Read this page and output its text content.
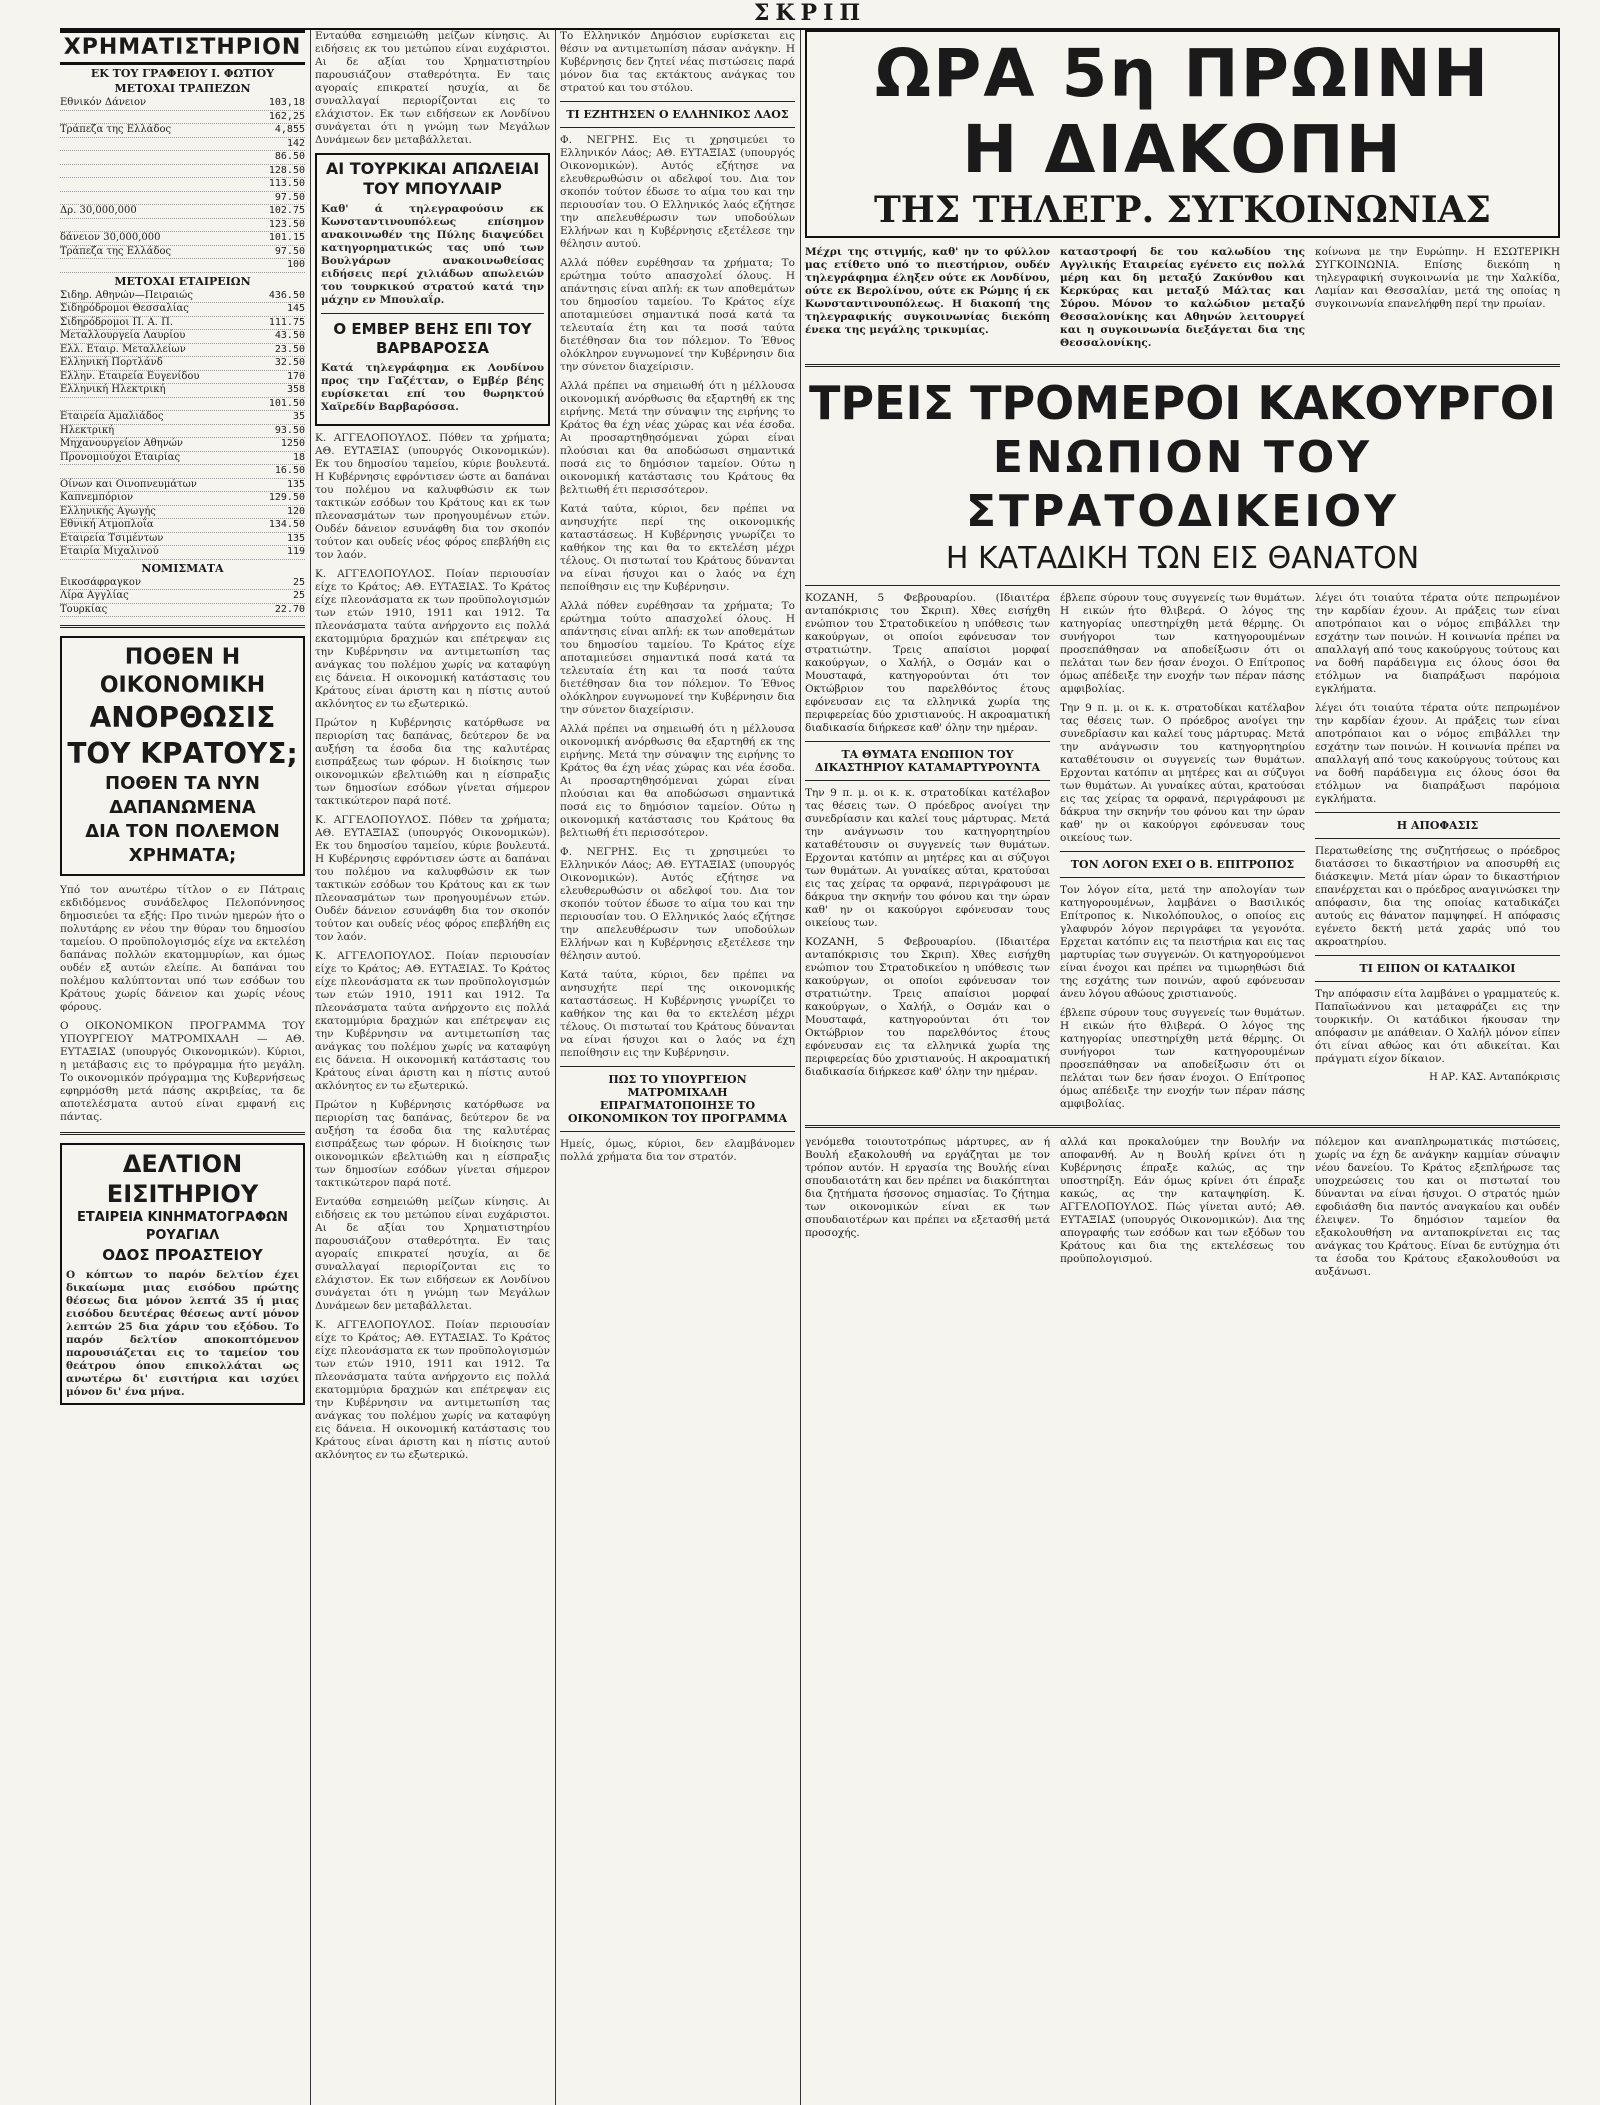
ΣΚΡΙΠ
ΧΡΗΜΑΤΙΣΤΗΡΙΟΝ
ΕΚ ΤΟΥ ΓΡΑΦΕΙΟΥ Ι. ΦΩΤΙΟΥ
ΜΕΤΟΧΑΙ ΤΡΑΠΕΖΩΝ
Εθνικόν Δάνειον	103,18
162,25
Τράπεζα της Ελλάδος	4,855
142
86.50
128.50
113.50
97.50
Δρ. 30,000,000	102.75
123.50
δάνειον 30,000,000	101.15
Τράπεζα της Ελλάδος	97.50
100
ΜΕΤΟΧΑΙ ΕΤΑΙΡΕΙΩΝ
Σιδηρ. Αθηνών—Πειραιώς	436.50
Σιδηρόδρομοι Θεσσαλίας	145
Σιδηρόδρομοι Π. Α. Π.	111.75
Μεταλλουργεία Λαυρίου	43.50
Ελλ. Εταιρ. Μεταλλείων	23.50
Ελληνική Πορτλάνδ	32.50
Ελλην. Εταιρεία Ευγενίδου	170
Ελληνική Ηλεκτρική	358
101.50
Εταιρεία Αμαλιάδος	35
Ηλεκτρική	93.50
Μηχανουργείον Αθηνών	1250
Προνομιούχοι Εταιρίας	18
16.50
Οίνων και Οινοπνευμάτων	135
Καπνεμπόριον	129.50
Ελληνικής Αγωγής	120
Εθνική Ατμοπλοΐα	134.50
Εταιρεία Τσιμέντων	135
Εταιρία Μιχαλινού	119
ΝΟΜΙΣΜΑΤΑ
Εικοσάφραγκον	25
Λίρα Αγγλίας	25
Τουρκίας	22.70
ΠΟΘΕΝ Η ΟΙΚΟΝΟΜΙΚΗ
ΑΝΟΡΘΩΣΙΣ ΤΟΥ ΚΡΑΤΟΥΣ;
ΠΟΘΕΝ ΤΑ ΝΥΝ ΔΑΠΑΝΩΜΕΝΑ
ΔΙΑ ΤΟΝ ΠΟΛΕΜΟΝ ΧΡΗΜΑΤΑ;

Υπό τον ανωτέρω τίτλον ο εν Πάτραις εκδιδόμενος συνάδελφος Πελοπόννησος δημοσιεύει τα εξής: Προ τινών ημερών ήτο ο πολυτάρης εν νέου την θύραν του δημοσίου ταμείου. Ο προϋπολογισμός είχε να εκτελέση δαπάνας πολλών εκατομμυρίων, και όμως ουδέν εξ αυτών ελείπε. Αι δαπάναι του πολέμου καλύπτονται υπό των εσόδων του Κράτους χωρίς δάνειον και χωρίς νέους φόρους.

Ο ΟΙΚΟΝΟΜΙΚΟΝ ΠΡΟΓΡΑΜΜΑ ΤΟΥ ΥΠΟΥΡΓΕΙΟΥ ΜΑΤΡΟΜΙΧΑΛΗ — ΑΘ. ΕΥΤΑΞΙΑΣ (υπουργός Οικονομικών). Κύριοι, η μετάβασις εις το πρόγραμμα ήτο μεγάλη. Το οικονομικόν πρόγραμμα της Κυβερνήσεως εφηρμόσθη μετά πάσης ακριβείας, τα δε αποτελέσματα αυτού είναι εμφανή εις πάντας.

ΔΕΛΤΙΟΝ ΕΙΣΙΤΗΡΙΟΥ
ΕΤΑΙΡΕΙΑ ΚΙΝΗΜΑΤΟΓΡΑΦΩΝ ΡΟΥΑΓΙΑΛ
ΟΔΟΣ ΠΡΟΑΣΤΕΙΟΥ

Ο κόπτων το παρόν δελτίον έχει δικαίωμα μιας εισόδου πρώτης θέσεως δια μόνον λεπτά 35 ή μιας εισόδου δευτέρας θέσεως αντί μόνον λεπτών 25 δια χάριν του εξόδου. Το παρόν δελτίον αποκοπτόμενον παρουσιάζεται εις το ταμείον του θεάτρου όπου επικολλάται ως ανωτέρω δι' εισιτήρια και ισχύει μόνον δι' ένα μήνα.

Ενταύθα εσημειώθη μείζων κίνησις. Αι ειδήσεις εκ του μετώπου είναι ευχάριστοι. Αι δε αξίαι του Χρηματιστηρίου παρουσιάζουν σταθερότητα. Εν ταις αγοραίς επικρατεί ησυχία, αι δε συναλλαγαί περιορίζονται εις το ελάχιστον. Εκ των ειδήσεων εκ Λονδίνου συνάγεται ότι η γνώμη των Μεγάλων Δυνάμεων δεν μεταβάλλεται.

ΑΙ ΤΟΥΡΚΙΚΑΙ ΑΠΩΛΕΙΑΙ ΤΟΥ ΜΠΟΥΛΑΙΡ

Καθ' ά τηλεγραφούσιν εκ Κωνσταντινουπόλεως επίσημον ανακοινωθέν της Πύλης διαψεύδει κατηγορηματικώς τας υπό των Βουλγάρων ανακοινωθείσας ειδήσεις περί χιλιάδων απωλειών του τουρκικού στρατού κατά την μάχην εν Μπουλαΐρ.

Ο ΕΜΒΕΡ ΒΕΗΣ ΕΠΙ ΤΟΥ ΒΑΡΒΑΡΟΣΣΑ

Κατά τηλεγράφημα εκ Λονδίνου προς την Γαζέτταν, ο Εμβέρ βέης ευρίσκεται επί του θωρηκτού Χαϊρεδίν Βαρβαρόσσα.

Κ. ΑΓΓΕΛΟΠΟΥΛΟΣ. Πόθεν τα χρήματα; ΑΘ. ΕΥΤΑΞΙΑΣ (υπουργός Οικονομικών). Εκ του δημοσίου ταμείου, κύριε βουλευτά. Η Κυβέρνησις εφρόντισεν ώστε αι δαπάναι του πολέμου να καλυφθώσιν εκ των τακτικών εσόδων του Κράτους και εκ των πλεονασμάτων των προηγουμένων ετών. Ουδέν δάνειον εσυνάφθη δια τον σκοπόν τούτον και ουδείς νέος φόρος επεβλήθη εις τον λαόν.

Κ. ΑΓΓΕΛΟΠΟΥΛΟΣ. Ποίαν περιουσίαν είχε το Κράτος; ΑΘ. ΕΥΤΑΞΙΑΣ. Το Κράτος είχε πλεονάσματα εκ των προϋπολογισμών των ετών 1910, 1911 και 1912. Τα πλεονάσματα ταύτα ανήρχοντο εις πολλά εκατομμύρια δραχμών και επέτρεψαν εις την Κυβέρνησιν να αντιμετωπίση τας ανάγκας του πολέμου χωρίς να καταφύγη εις δάνεια. Η οικονομική κατάστασις του Κράτους είναι άριστη και η πίστις αυτού ακλόνητος εν τω εξωτερικώ.

Πρώτον η Κυβέρνησις κατόρθωσε να περιορίση τας δαπάνας, δεύτερον δε να αυξήση τα έσοδα δια της καλυτέρας εισπράξεως των φόρων. Η διοίκησις των οικονομικών εβελτιώθη και η είσπραξις των δημοσίων εσόδων γίνεται σήμερον τακτικώτερον παρά ποτέ.

Κ. ΑΓΓΕΛΟΠΟΥΛΟΣ. Πόθεν τα χρήματα; ΑΘ. ΕΥΤΑΞΙΑΣ (υπουργός Οικονομικών). Εκ του δημοσίου ταμείου, κύριε βουλευτά. Η Κυβέρνησις εφρόντισεν ώστε αι δαπάναι του πολέμου να καλυφθώσιν εκ των τακτικών εσόδων του Κράτους και εκ των πλεονασμάτων των προηγουμένων ετών. Ουδέν δάνειον εσυνάφθη δια τον σκοπόν τούτον και ουδείς νέος φόρος επεβλήθη εις τον λαόν.

Κ. ΑΓΓΕΛΟΠΟΥΛΟΣ. Ποίαν περιουσίαν είχε το Κράτος; ΑΘ. ΕΥΤΑΞΙΑΣ. Το Κράτος είχε πλεονάσματα εκ των προϋπολογισμών των ετών 1910, 1911 και 1912. Τα πλεονάσματα ταύτα ανήρχοντο εις πολλά εκατομμύρια δραχμών και επέτρεψαν εις την Κυβέρνησιν να αντιμετωπίση τας ανάγκας του πολέμου χωρίς να καταφύγη εις δάνεια. Η οικονομική κατάστασις του Κράτους είναι άριστη και η πίστις αυτού ακλόνητος εν τω εξωτερικώ.

Πρώτον η Κυβέρνησις κατόρθωσε να περιορίση τας δαπάνας, δεύτερον δε να αυξήση τα έσοδα δια της καλυτέρας εισπράξεως των φόρων. Η διοίκησις των οικονομικών εβελτιώθη και η είσπραξις των δημοσίων εσόδων γίνεται σήμερον τακτικώτερον παρά ποτέ.

Ενταύθα εσημειώθη μείζων κίνησις. Αι ειδήσεις εκ του μετώπου είναι ευχάριστοι. Αι δε αξίαι του Χρηματιστηρίου παρουσιάζουν σταθερότητα. Εν ταις αγοραίς επικρατεί ησυχία, αι δε συναλλαγαί περιορίζονται εις το ελάχιστον. Εκ των ειδήσεων εκ Λονδίνου συνάγεται ότι η γνώμη των Μεγάλων Δυνάμεων δεν μεταβάλλεται.

Κ. ΑΓΓΕΛΟΠΟΥΛΟΣ. Ποίαν περιουσίαν είχε το Κράτος; ΑΘ. ΕΥΤΑΞΙΑΣ. Το Κράτος είχε πλεονάσματα εκ των προϋπολογισμών των ετών 1910, 1911 και 1912. Τα πλεονάσματα ταύτα ανήρχοντο εις πολλά εκατομμύρια δραχμών και επέτρεψαν εις την Κυβέρνησιν να αντιμετωπίση τας ανάγκας του πολέμου χωρίς να καταφύγη εις δάνεια. Η οικονομική κατάστασις του Κράτους είναι άριστη και η πίστις αυτού ακλόνητος εν τω εξωτερικώ.

Το Ελληνικόν Δημόσιον ευρίσκεται εις θέσιν να αντιμετωπίση πάσαν ανάγκην. Η Κυβέρνησις δεν ζητεί νέας πιστώσεις παρά μόνον δια τας εκτάκτους ανάγκας του στρατού και του στόλου.

ΤΙ ΕΖΗΤΗΣΕΝ Ο ΕΛΛΗΝΙΚΟΣ ΛΑΟΣ

Φ. ΝΕΓΡΗΣ. Εις τι χρησιμεύει το Ελληνικόν Λάος; ΑΘ. ΕΥΤΑΞΙΑΣ (υπουργός Οικονομικών). Αυτός εζήτησε να ελευθερωθώσιν οι αδελφοί του. Δια τον σκοπόν τούτον έδωσε το αίμα του και την περιουσίαν του. Ο Ελληνικός λαός εζήτησε την απελευθέρωσιν των υποδούλων Ελλήνων και η Κυβέρνησις εξετέλεσε την θέλησιν αυτού.

Αλλά πόθεν ευρέθησαν τα χρήματα; Το ερώτημα τούτο απασχολεί όλους. Η απάντησις είναι απλή: εκ των αποθεμάτων του δημοσίου ταμείου. Το Κράτος είχε αποταμιεύσει σημαντικά ποσά κατά τα τελευταία έτη και τα ποσά ταύτα διετέθησαν δια τον πόλεμον. Το Έθνος ολόκληρον ευγνωμονεί την Κυβέρνησιν δια την σύνετον διαχείρισιν.

Αλλά πρέπει να σημειωθή ότι η μέλλουσα οικονομική ανόρθωσις θα εξαρτηθή εκ της ειρήνης. Μετά την σύναψιν της ειρήνης το Κράτος θα έχη νέας χώρας και νέα έσοδα. Αι προσαρτηθησόμεναι χώραι είναι πλούσιαι και θα αποδώσωσι σημαντικά ποσά εις το δημόσιον ταμείον. Ούτω η οικονομική κατάστασις του Κράτους θα βελτιωθή έτι περισσότερον.

Κατά ταύτα, κύριοι, δεν πρέπει να ανησυχήτε περί της οικονομικής καταστάσεως. Η Κυβέρνησις γνωρίζει το καθήκον της και θα το εκτελέση μέχρι τέλους. Οι πιστωταί του Κράτους δύνανται να είναι ήσυχοι και ο λαός να έχη πεποίθησιν εις την Κυβέρνησιν.

Αλλά πόθεν ευρέθησαν τα χρήματα; Το ερώτημα τούτο απασχολεί όλους. Η απάντησις είναι απλή: εκ των αποθεμάτων του δημοσίου ταμείου. Το Κράτος είχε αποταμιεύσει σημαντικά ποσά κατά τα τελευταία έτη και τα ποσά ταύτα διετέθησαν δια τον πόλεμον. Το Έθνος ολόκληρον ευγνωμονεί την Κυβέρνησιν δια την σύνετον διαχείρισιν.

Αλλά πρέπει να σημειωθή ότι η μέλλουσα οικονομική ανόρθωσις θα εξαρτηθή εκ της ειρήνης. Μετά την σύναψιν της ειρήνης το Κράτος θα έχη νέας χώρας και νέα έσοδα. Αι προσαρτηθησόμεναι χώραι είναι πλούσιαι και θα αποδώσωσι σημαντικά ποσά εις το δημόσιον ταμείον. Ούτω η οικονομική κατάστασις του Κράτους θα βελτιωθή έτι περισσότερον.

Φ. ΝΕΓΡΗΣ. Εις τι χρησιμεύει το Ελληνικόν Λάος; ΑΘ. ΕΥΤΑΞΙΑΣ (υπουργός Οικονομικών). Αυτός εζήτησε να ελευθερωθώσιν οι αδελφοί του. Δια τον σκοπόν τούτον έδωσε το αίμα του και την περιουσίαν του. Ο Ελληνικός λαός εζήτησε την απελευθέρωσιν των υποδούλων Ελλήνων και η Κυβέρνησις εξετέλεσε την θέλησιν αυτού.

Κατά ταύτα, κύριοι, δεν πρέπει να ανησυχήτε περί της οικονομικής καταστάσεως. Η Κυβέρνησις γνωρίζει το καθήκον της και θα το εκτελέση μέχρι τέλους. Οι πιστωταί του Κράτους δύνανται να είναι ήσυχοι και ο λαός να έχη πεποίθησιν εις την Κυβέρνησιν.

ΠΩΣ ΤΟ ΥΠΟΥΡΓΕΙΟΝ ΜΑΤΡΟΜΙΧΑΛΗ ΕΠΡΑΓΜΑΤΟΠΟΙΗΣΕ ΤΟ ΟΙΚΟΝΟΜΙΚΟΝ ΤΟΥ ΠΡΟΓΡΑΜΜΑ

Ημείς, όμως, κύριοι, δεν ελαμβάνομεν πολλά χρήματα δια τον στρατόν.

ΩΡΑ 5η ΠΡΩΙΝΗ
Η ΔΙΑΚΟΠΗ
ΤΗΣ ΤΗΛΕΓΡ. ΣΥΓΚΟΙΝΩΝΙΑΣ
Μέχρι της στιγμής, καθ' ην το φύλλον μας ετίθετο υπό το πιεστήριον, ουδέν τηλεγράφημα έληξεν ούτε εκ Λονδίνου, ούτε εκ Βερολίνου, ούτε εκ Ρώμης ή εκ Κωνσταντινουπόλεως. Η διακοπή της τηλεγραφικής συγκοινωνίας διεκόπη ένεκα της μεγάλης τρικυμίας.
καταστροφή δε του καλωδίου της Αγγλικής Εταιρείας εγένετο εις πολλά μέρη και δη μεταξύ Ζακύνθου και Κερκύρας και μεταξύ Μάλτας και Σύρου. Μόνον το καλώδιον μεταξύ Θεσσαλονίκης και Αθηνών λειτουργεί και η συγκοινωνία διεξάγεται δια της Θεσσαλονίκης.
κοίνωνα με την Ευρώπην. Η ΕΣΩΤΕΡΙΚΗ ΣΥΓΚΟΙΝΩΝΙΑ. Επίσης διεκόπη η τηλεγραφική συγκοινωνία με την Χαλκίδα, Λαμίαν και Θεσσαλίαν, μετά της οποίας η συγκοινωνία επανελήφθη περί την πρωίαν.
ΤΡΕΙΣ ΤΡΟΜΕΡΟΙ ΚΑΚΟΥΡΓΟΙ
ΕΝΩΠΙΟΝ ΤΟΥ ΣΤΡΑΤΟΔΙΚΕΙΟΥ
Η ΚΑΤΑΔΙΚΗ ΤΩΝ ΕΙΣ ΘΑΝΑΤΟΝ

ΚΟΖΑΝΗ, 5 Φεβρουαρίου. (Ιδιαιτέρα ανταπόκρισις του Σκριπ). Χθες εισήχθη ενώπιον του Στρατοδικείου η υπόθεσις των κακούργων, οι οποίοι εφόνευσαν τον στρατιώτην. Τρεις απαίσιοι μορφαί κακούργων, ο Χαλήλ, ο Οσμάν και ο Μουσταφά, κατηγορούνται ότι τον Οκτώβριον του παρελθόντος έτους εφόνευσαν εις τα ελληνικά χωρία της περιφερείας δύο χριστιανούς. Η ακροαματική διαδικασία διήρκεσε καθ' όλην την ημέραν.

ΤΑ ΘΥΜΑΤΑ ΕΝΩΠΙΟΝ ΤΟΥ ΔΙΚΑΣΤΗΡΙΟΥ ΚΑΤΑΜΑΡΤΥΡΟΥΝΤΑ

Την 9 π. μ. οι κ. κ. στρατοδίκαι κατέλαβον τας θέσεις των. Ο πρόεδρος ανοίγει την συνεδρίασιν και καλεί τους μάρτυρας. Μετά την ανάγνωσιν του κατηγορητηρίου καταθέτουσιν οι συγγενείς των θυμάτων. Ερχονται κατόπιν αι μητέρες και αι σύζυγοι των θυμάτων. Αι γυναίκες αύται, κρατούσαι εις τας χείρας τα ορφανά, περιγράφουσι με δάκρυα την σκηνήν του φόνου και την ώραν καθ' ην οι κακούργοι εφόνευσαν τους οικείους των.

ΚΟΖΑΝΗ, 5 Φεβρουαρίου. (Ιδιαιτέρα ανταπόκρισις του Σκριπ). Χθες εισήχθη ενώπιον του Στρατοδικείου η υπόθεσις των κακούργων, οι οποίοι εφόνευσαν τον στρατιώτην. Τρεις απαίσιοι μορφαί κακούργων, ο Χαλήλ, ο Οσμάν και ο Μουσταφά, κατηγορούνται ότι τον Οκτώβριον του παρελθόντος έτους εφόνευσαν εις τα ελληνικά χωρία της περιφερείας δύο χριστιανούς. Η ακροαματική διαδικασία διήρκεσε καθ' όλην την ημέραν.

έβλεπε σύρουν τους συγγενείς των θυμάτων. Η εικών ήτο θλιβερά. Ο λόγος της κατηγορίας υπεστηρίχθη μετά θέρμης. Οι συνήγοροι των κατηγορουμένων προσεπάθησαν να αποδείξωσιν ότι οι πελάται των δεν ήσαν ένοχοι. Ο Επίτροπος όμως απέδειξε την ενοχήν των πέραν πάσης αμφιβολίας.

Την 9 π. μ. οι κ. κ. στρατοδίκαι κατέλαβον τας θέσεις των. Ο πρόεδρος ανοίγει την συνεδρίασιν και καλεί τους μάρτυρας. Μετά την ανάγνωσιν του κατηγορητηρίου καταθέτουσιν οι συγγενείς των θυμάτων. Ερχονται κατόπιν αι μητέρες και αι σύζυγοι των θυμάτων. Αι γυναίκες αύται, κρατούσαι εις τας χείρας τα ορφανά, περιγράφουσι με δάκρυα την σκηνήν του φόνου και την ώραν καθ' ην οι κακούργοι εφόνευσαν τους οικείους των.

ΤΟΝ ΛΟΓΟΝ ΕΧΕΙ Ο Β. ΕΠΙΤΡΟΠΟΣ

Τον λόγον είτα, μετά την απολογίαν των κατηγορουμένων, λαμβάνει ο Βασιλικός Επίτροπος κ. Νικολόπουλος, ο οποίος εις γλαφυρόν λόγον περιγράφει τα γεγονότα. Ερχεται κατόπιν εις τα πειστήρια και εις τας μαρτυρίας των συγγενών. Οι κατηγορούμενοι είναι ένοχοι και πρέπει να τιμωρηθώσι διά της εσχάτης των ποινών, αφού εφόνευσαν άνευ λόγου αθώους χριστιανούς.

έβλεπε σύρουν τους συγγενείς των θυμάτων. Η εικών ήτο θλιβερά. Ο λόγος της κατηγορίας υπεστηρίχθη μετά θέρμης. Οι συνήγοροι των κατηγορουμένων προσεπάθησαν να αποδείξωσιν ότι οι πελάται των δεν ήσαν ένοχοι. Ο Επίτροπος όμως απέδειξε την ενοχήν των πέραν πάσης αμφιβολίας.

λέγει ότι τοιαύτα τέρατα ούτε πεπρωμένον την καρδίαν έχουν. Αι πράξεις των είναι αποτρόπαιοι και ο νόμος επιβάλλει την εσχάτην των ποινών. Η κοινωνία πρέπει να απαλλαγή από τους κακούργους τούτους και να δοθή παράδειγμα εις όλους όσοι θα ετόλμων να διαπράξωσι παρόμοια εγκλήματα.

λέγει ότι τοιαύτα τέρατα ούτε πεπρωμένον την καρδίαν έχουν. Αι πράξεις των είναι αποτρόπαιοι και ο νόμος επιβάλλει την εσχάτην των ποινών. Η κοινωνία πρέπει να απαλλαγή από τους κακούργους τούτους και να δοθή παράδειγμα εις όλους όσοι θα ετόλμων να διαπράξωσι παρόμοια εγκλήματα.

Η ΑΠΟΦΑΣΙΣ

Περατωθείσης της συζητήσεως ο πρόεδρος διατάσσει το δικαστήριον να αποσυρθή εις διάσκεψιν. Μετά μίαν ώραν το δικαστήριον επανέρχεται και ο πρόεδρος αναγινώσκει την απόφασιν, δια της οποίας καταδικάζει αυτούς εις θάνατον παμψηφεί. Η απόφασις εγένετο δεκτή μετά χαράς υπό του ακροατηρίου.

ΤΙ ΕΙΠΟΝ ΟΙ ΚΑΤΑΔΙΚΟΙ

Την απόφασιν είτα λαμβάνει ο γραμματεύς κ. Παπαϊωάννου και μεταφράζει εις την τουρκικήν. Οι κατάδικοι ήκουσαν την απόφασιν με απάθειαν. Ο Χαλήλ μόνον είπεν ότι είναι αθώος και ότι αδικείται. Και πράγματι είχον δίκαιον.

Η ΑΡ. ΚΑΣ. Ανταπόκρισις
γενόμεθα τοιουτοτρόπως μάρτυρες, αν ή Βουλή εξακολουθή να εργάζηται με τον τρόπον αυτόν. Η εργασία της Βουλής είναι σπουδαιοτάτη και δεν πρέπει να διακόπτηται δια ζητήματα ήσσονος σημασίας. Το ζήτημα των οικονομικών είναι εκ των σπουδαιοτέρων και πρέπει να εξετασθή μετά προσοχής.
αλλά και προκαλούμεν την Βουλήν να αποφανθή. Αν η Βουλή κρίνει ότι η Κυβέρνησις έπραξε καλώς, ας την υποστηρίξη. Εάν όμως κρίνει ότι έπραξε κακώς, ας την καταψηφίση. Κ. ΑΓΓΕΛΟΠΟΥΛΟΣ. Πώς γίνεται αυτό; ΑΘ. ΕΥΤΑΞΙΑΣ (υπουργός Οικονομικών). Δια της απογραφής των εσόδων και των εξόδων του Κράτους και δια της εκτελέσεως του προϋπολογισμού.
πόλεμον και αναπληρωματικάς πιστώσεις, χωρίς να έχη δε ανάγκην καμμίαν σύναψιν νέου δανείου. Το Κράτος εξεπλήρωσε τας υποχρεώσεις του και οι πιστωταί του δύνανται να είναι ήσυχοι. Ο στρατός ημών εφοδιάσθη δια παντός αναγκαίου και ουδέν έλειψεν. Το δημόσιον ταμείον θα εξακολουθήση να ανταποκρίνεται εις τας ανάγκας του Κράτους. Είναι δε ευτύχημα ότι τα έσοδα του Κράτους εξακολουθούσι να αυξάνωσι.
